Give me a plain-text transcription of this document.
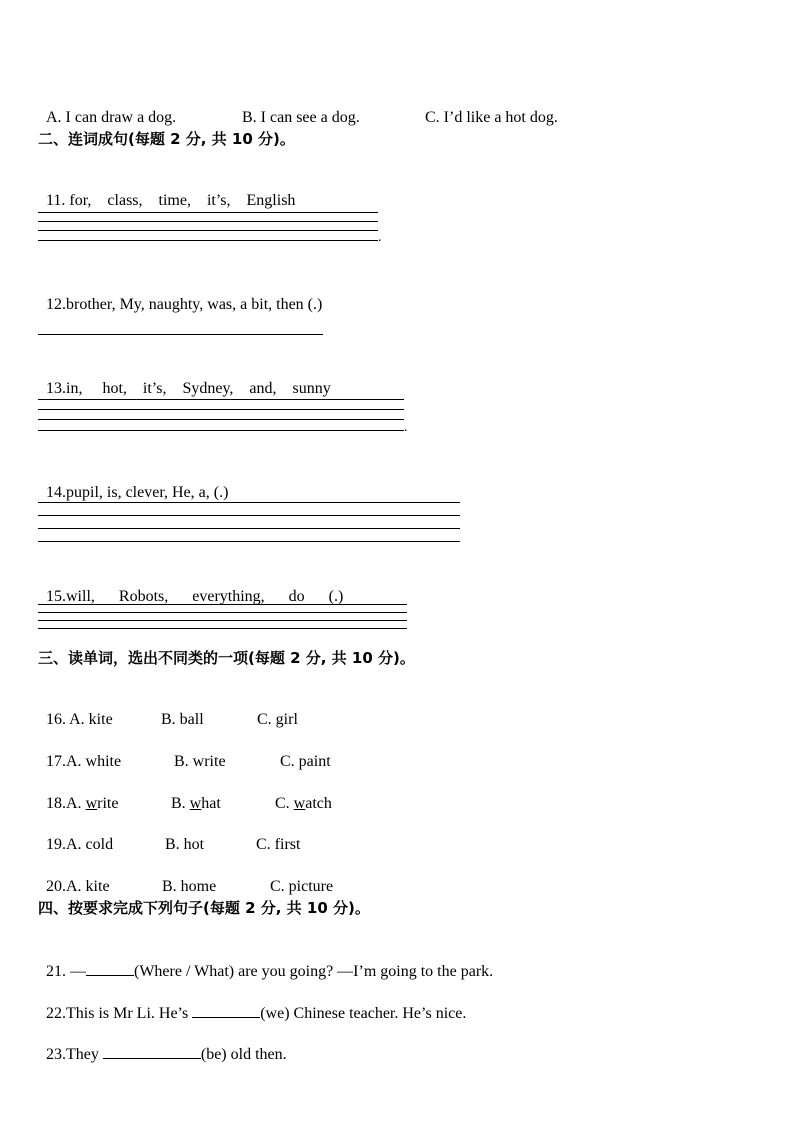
A. I can draw a dog.	B. I can see a dog.	C. I’d like a hot dog.

二、连词成句(每题 2 分, 共 10 分)。

11. for,    class,    time,    it’s,    English

.

12.brother, My, naughty, was, a bit, then (.)

13.in,     hot,    it’s,    Sydney,    and,    sunny

.

14.pupil, is, clever, He, a, (.)

15.will,      Robots,      everything,      do      (.)

三、读单词，选出不同类的一项(每题 2 分, 共 10 分)。

16. A. kite	B. ball	C. girl

17.A. white	B. write	C. paint

18.A. write	B. what	C. watch

19.A. cold	B. hot	C. first

20.A. kite	B. home	C. picture

四、按要求完成下列句子(每题 2 分, 共 10 分)。

21. —	(Where / What) are you going? —I’m going to the park.

22.This is Mr Li. He’s	(we) Chinese teacher. He’s nice.

23.They	(be) old then.
